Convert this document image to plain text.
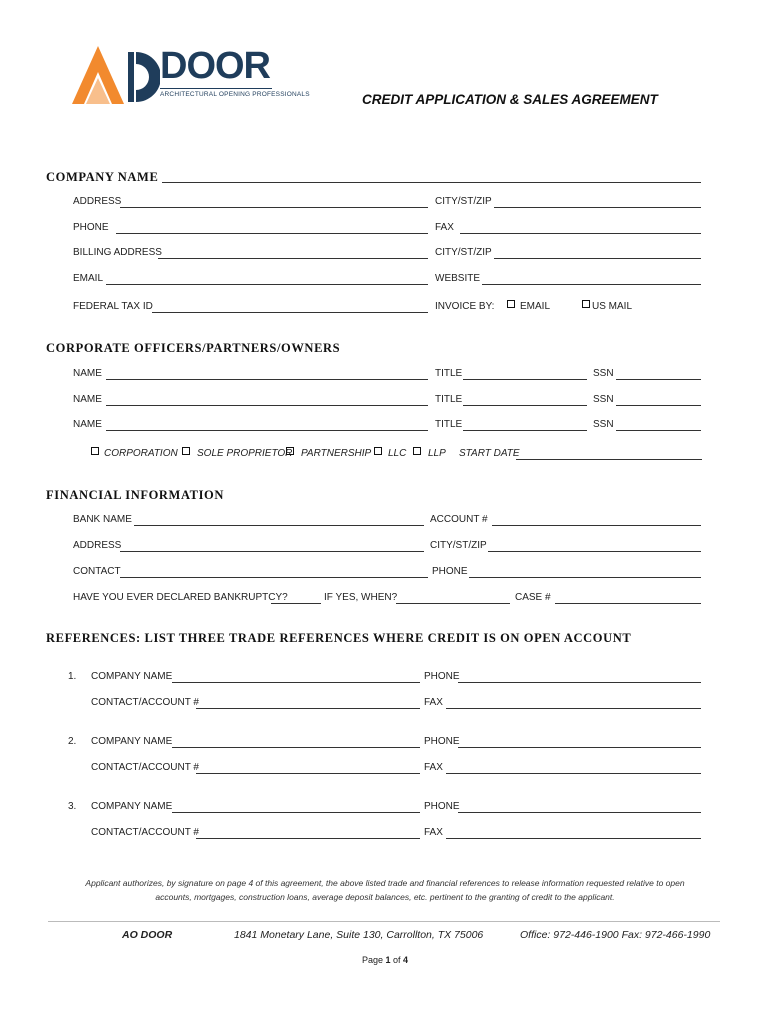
DOOR
ARCHITECTURAL OPENING PROFESSIONALS	CREDIT APPLICATION & SALES AGREEMENT
COMPANY NAME
ADDRESS	CITY/ST/ZIP
PHONE	FAX
BILLING ADDRESS	CITY/ST/ZIP
EMAIL	WEBSITE
FEDERAL TAX ID	INVOICE BY:	EMAIL	US MAIL
CORPORATE OFFICERS/PARTNERS/OWNERS
NAME	TITLE	SSN
NAME	TITLE	SSN
NAME	TITLE	SSN
CORPORATION SOLE PROPRIETOR PARTNERSHIP LLC LLP START DATE
FINANCIAL INFORMATION
BANK NAME	ACCOUNT #
ADDRESS	CITY/ST/ZIP
CONTACT	PHONE
HAVE YOU EVER DECLARED BANKRUPTCY?	IF YES, WHEN?	CASE #
REFERENCES: LIST THREE TRADE REFERENCES WHERE CREDIT IS ON OPEN ACCOUNT
1. COMPANY NAME	PHONE
CONTACT/ACCOUNT #	FAX
2. COMPANY NAME	PHONE
CONTACT/ACCOUNT #	FAX
3. COMPANY NAME	PHONE
CONTACT/ACCOUNT #	FAX
Applicant authorizes, by signature on page 4 of this agreement, the above listed trade and financial references to release information requested relative to open
accounts, mortgages, construction loans, average deposit balances, etc. pertinent to the granting of credit to the applicant.
AO DOOR	1841 Monetary Lane, Suite 130, Carrollton, TX 75006	Office: 972-446-1900 Fax: 972-466-1990
Page 1 of 4
